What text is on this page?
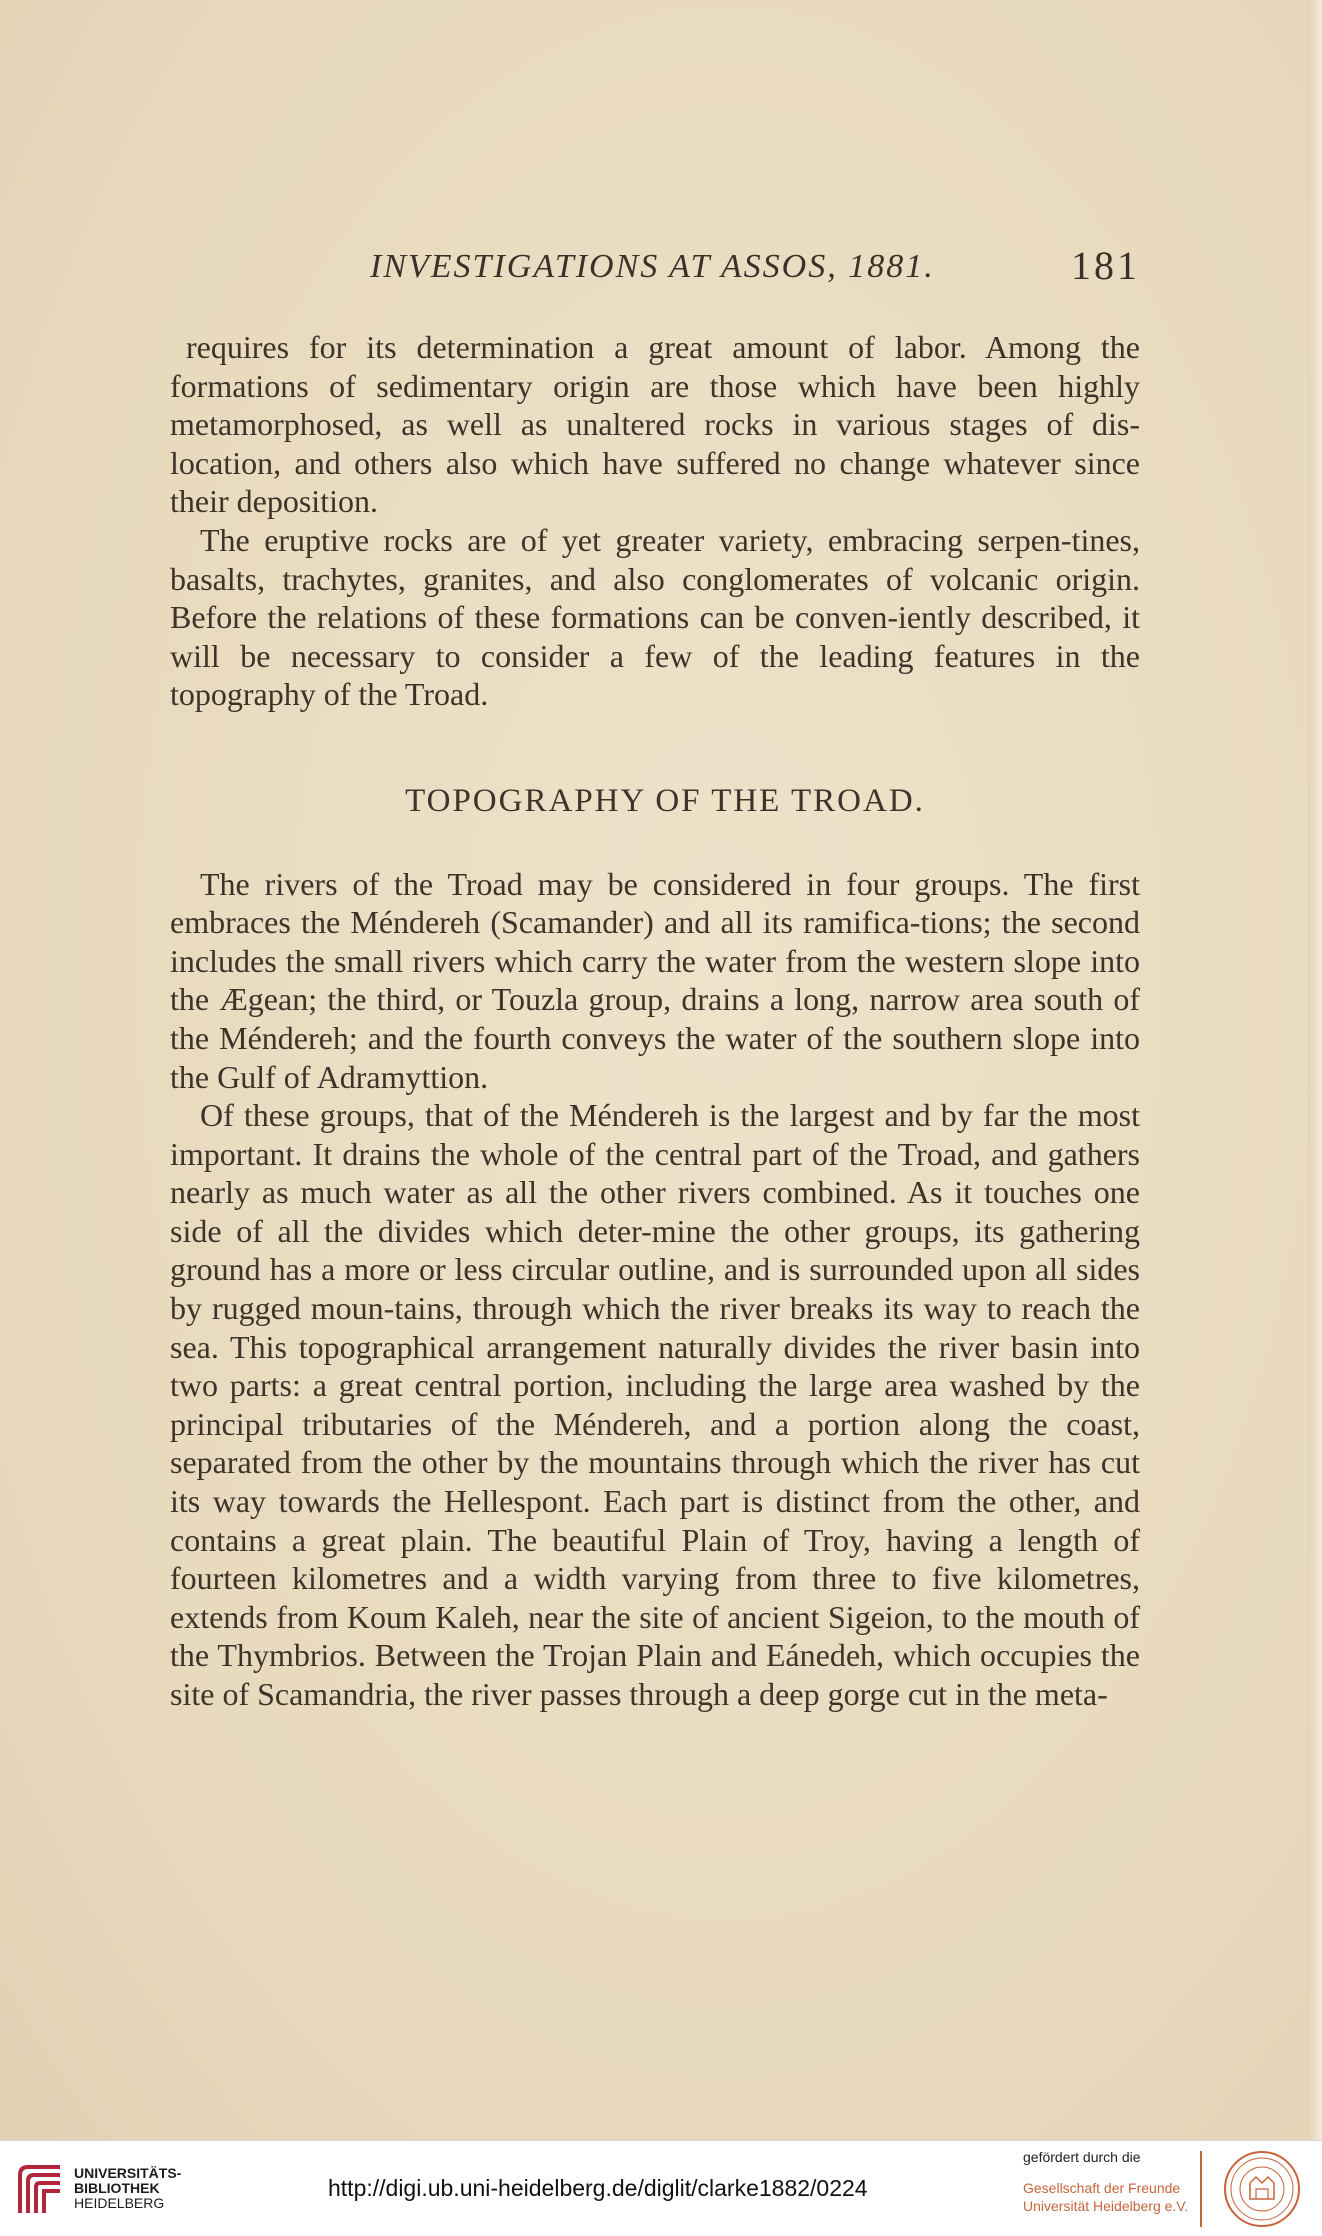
INVESTIGATIONS AT ASSOS, 1881.	181

requires for its determination a great amount of labor. Among the formations of sedimentary origin are those which have been highly metamorphosed, as well as unaltered rocks in various stages of dis-location, and others also which have suffered no change whatever since their deposition.

The eruptive rocks are of yet greater variety, embracing serpen-tines, basalts, trachytes, granites, and also conglomerates of volcanic origin. Before the relations of these formations can be conven-iently described, it will be necessary to consider a few of the leading features in the topography of the Troad.

TOPOGRAPHY OF THE TROAD.

The rivers of the Troad may be considered in four groups. The first embraces the Méndereh (Scamander) and all its ramifica-tions; the second includes the small rivers which carry the water from the western slope into the Ægean; the third, or Touzla group, drains a long, narrow area south of the Méndereh; and the fourth conveys the water of the southern slope into the Gulf of Adramyttion.

Of these groups, that of the Méndereh is the largest and by far the most important. It drains the whole of the central part of the Troad, and gathers nearly as much water as all the other rivers combined. As it touches one side of all the divides which deter-mine the other groups, its gathering ground has a more or less circular outline, and is surrounded upon all sides by rugged moun-tains, through which the river breaks its way to reach the sea. This topographical arrangement naturally divides the river basin into two parts: a great central portion, including the large area washed by the principal tributaries of the Méndereh, and a portion along the coast, separated from the other by the mountains through which the river has cut its way towards the Hellespont. Each part is distinct from the other, and contains a great plain. The beautiful Plain of Troy, having a length of fourteen kilometres and a width varying from three to five kilometres, extends from Koum Kaleh, near the site of ancient Sigeion, to the mouth of the Thymbrios. Between the Trojan Plain and Eánedeh, which occupies the site of Scamandria, the river passes through a deep gorge cut in the meta-

UNIVERSITÄTS-
BIBLIOTHEK
HEIDELBERG
http://digi.ub.uni-heidelberg.de/diglit/clarke1882/0224
gefördert durch die
Gesellschaft der Freunde
Universität Heidelberg e.V.
